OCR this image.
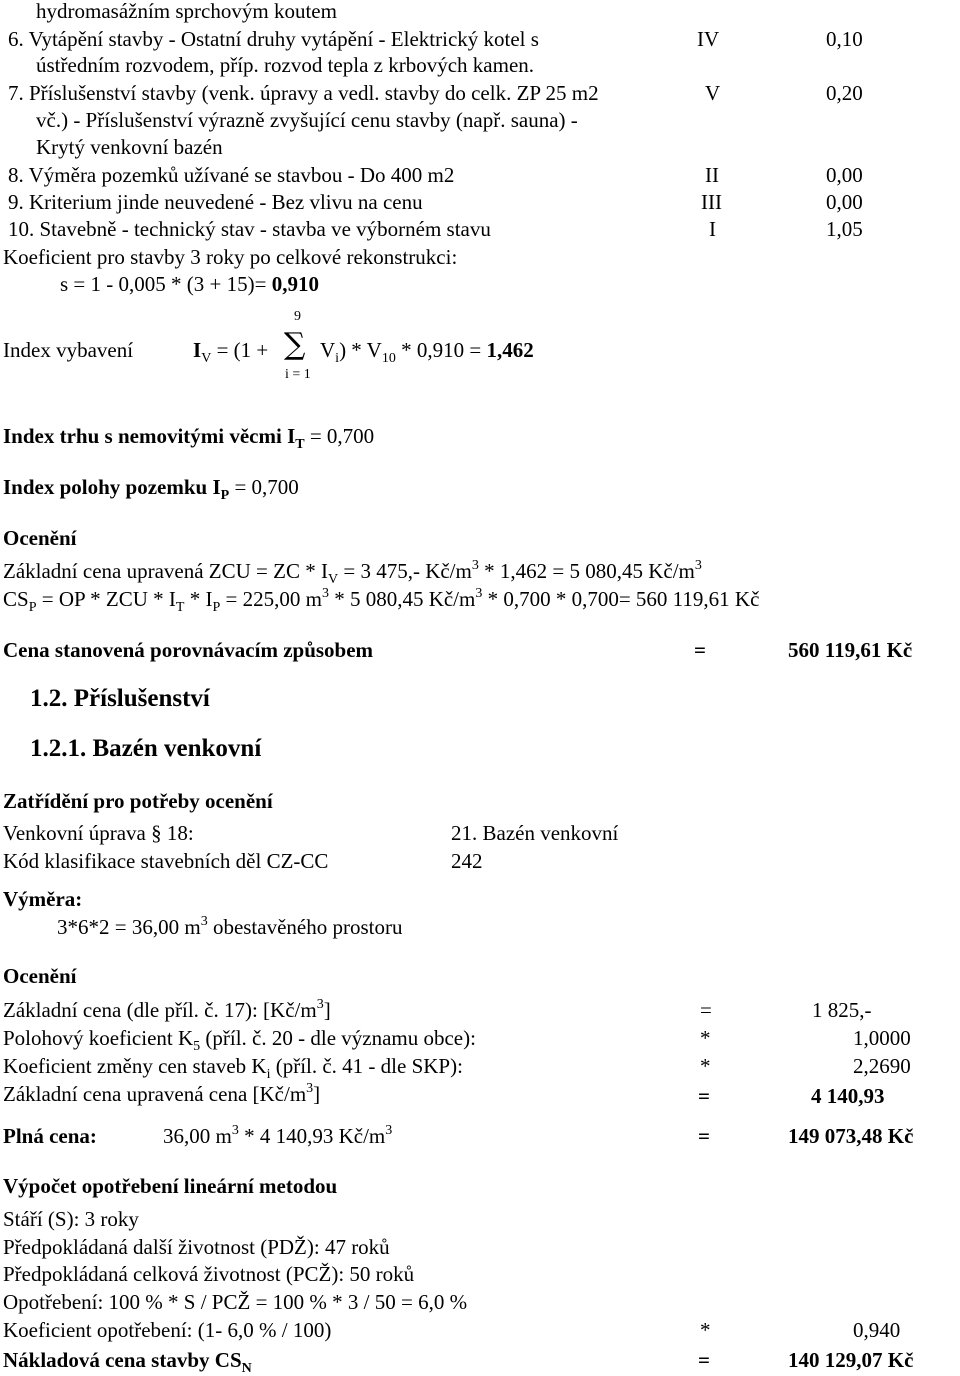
hydromasážním sprchovým koutem
6. Vytápění stavby - Ostatní druhy vytápění - Elektrický kotel s	IV	0,10
ústředním rozvodem, příp. rozvod tepla z krbových kamen.
7. Příslušenství stavby (venk. úpravy a vedl. stavby do celk. ZP 25 m2	V	0,20
vč.) - Příslušenství výrazně zvyšující cenu stavby (např. sauna) -
Krytý venkovní bazén
8. Výměra pozemků užívané se stavbou - Do 400 m2	II	0,00
9. Kriterium jinde neuvedené - Bez vlivu na cenu	III	0,00
10. Stavebně - technický stav - stavba ve výborném stavu	I	1,05
Koeficient pro stavby 3 roky po celkové rekonstrukci:
s = 1 - 0,005 * (3 + 15)= 0,910
Index vybavení
9
∑
i = 1
$I_V = (1 + V_i) * V_{10} * 0,910 = 1,462$
Index trhu s nemovitými věcmi $I_T = 0,700$
Index polohy pozemku $I_P = 0,700$
Ocenění
Základní cena upravená ZCU = ZC * $I_V = 3$ 475,- $Kč/m^3 * 1,462 = 5$ 080,45 $Kč/m^3$
$CS_P$ = OP * ZCU * $I_T * I_P = 225,00$ $m^3 * 5$ 080,45 $Kč/m^3 * 0,700 * 0,700= 560$ 119,61 Kč
Cena stanovená porovnávacím způsobem	=	560 119,61 Kč
1.2. Příslušenství
1.2.1. Bazén venkovní
Zatřídění pro potřeby ocenění
Venkovní úprava § 18:	21. Bazén venkovní
Kód klasifikace stavebních děl CZ-CC	242
Výměra:
3*6*2 = 36,00 $m^3$ obestavěného prostoru
Ocenění
Základní cena (dle příl. č. 17): $[Kč/m^3]$	=	1 825,-
Polohový koeficient $K_5$ (příl. č. 20 - dle významu obce):	*	1,0000
Koeficient změny cen staveb $K_i$ (příl. č. 41 - dle SKP):	*	2,2690
Základní cena upravená cena $[Kč/m^3]$	=	4 140,93
Plná cena:	36,00 $m^3 * 4$ 140,93 $Kč/m^3$	=	149 073,48 Kč
Výpočet opotřebení lineární metodou
Stáří (S): 3 roky
Předpokládaná další životnost (PDŽ): 47 roků
Předpokládaná celková životnost (PCŽ): 50 roků
Opotřebení: 100 % * S / PCŽ = 100 % * 3 / 50 = 6,0 %
Koeficient opotřebení: (1- 6,0 % / 100)	*	0,940
Nákladová cena stavby $CS_N$	=	140 129,07 Kč
